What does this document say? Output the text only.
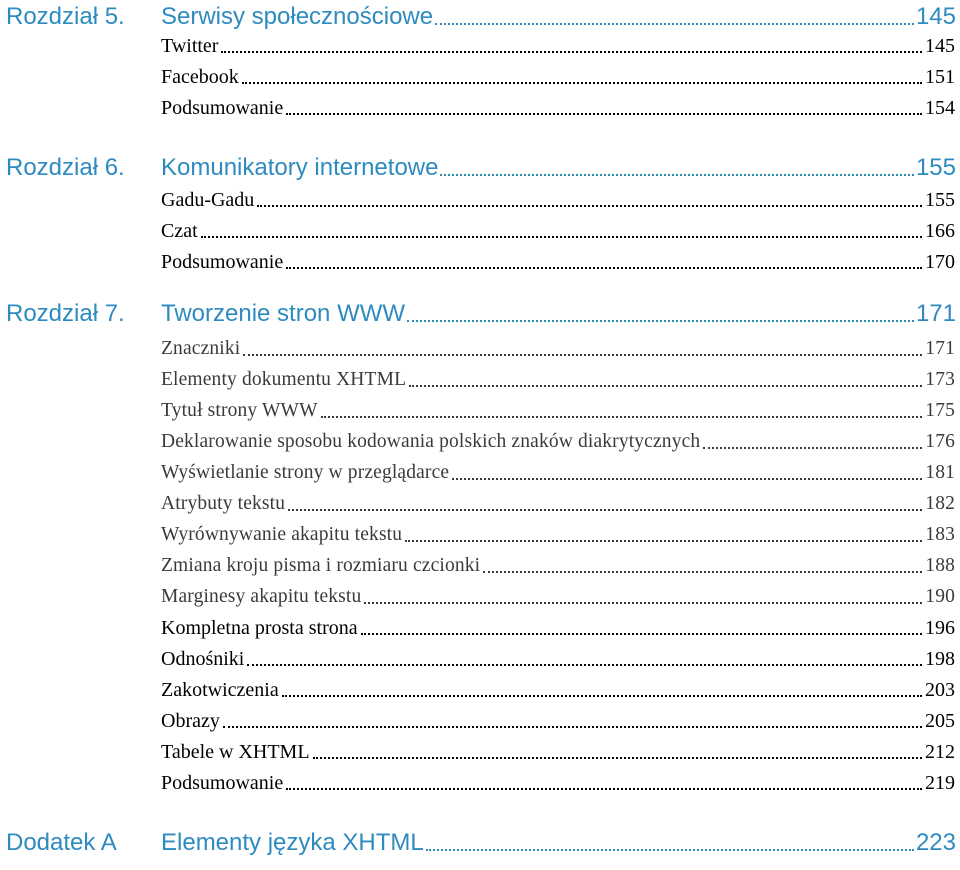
Rozdział 5.	Serwisy społecznościowe	145
Twitter	145
Facebook	151
Podsumowanie	154
Rozdział 6.	Komunikatory internetowe	155
Gadu-Gadu	155
Czat	166
Podsumowanie	170
Rozdział 7.	Tworzenie stron WWW	171
Znaczniki	171
Elementy dokumentu XHTML	173
Tytuł strony WWW	175
Deklarowanie sposobu kodowania polskich znaków diakrytycznych	176
Wyświetlanie strony w przeglądarce	181
Atrybuty tekstu	182
Wyrównywanie akapitu tekstu	183
Zmiana kroju pisma i rozmiaru czcionki	188
Marginesy akapitu tekstu	190
Kompletna prosta strona	196
Odnośniki	198
Zakotwiczenia	203
Obrazy	205
Tabele w XHTML	212
Podsumowanie	219
Dodatek A	Elementy języka XHTML	223
